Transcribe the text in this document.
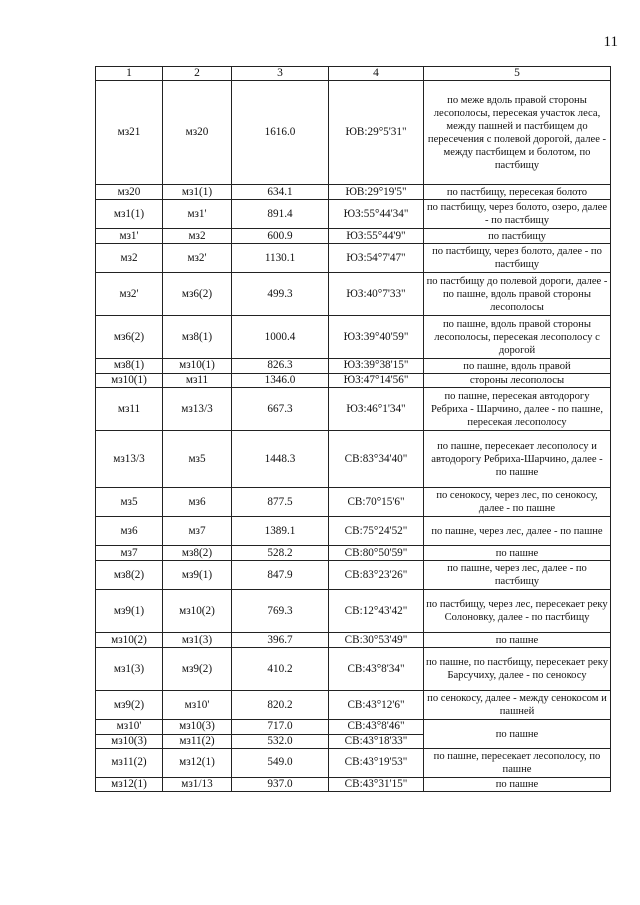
11
1	2	3	4	5
мз21	мз20	1616.0	ЮВ:29°5'31"	по меже вдоль правой стороны лесополосы, пересекая участок леса, между пашней и пастбищем до пересечения с полевой дорогой, далее - между пастбищем и болотом, по пастбищу
мз20	мз1(1)	634.1	ЮВ:29°19'5"	по пастбищу, пересекая болото
мз1(1)	мз1'	891.4	ЮЗ:55°44'34"	по пастбищу, через болото, озеро, далее - по пастбищу
мз1'	мз2	600.9	ЮЗ:55°44'9"	по пастбищу
мз2	мз2'	1130.1	ЮЗ:54°7'47"	по пастбищу, через болото, далее - по пастбищу
мз2'	мз6(2)	499.3	ЮЗ:40°7'33"	по пастбищу до полевой дороги, далее - по пашне, вдоль правой стороны лесополосы
мз6(2)	мз8(1)	1000.4	ЮЗ:39°40'59"	по пашне, вдоль правой стороны лесополосы, пересекая лесополосу с дорогой
мз8(1)	мз10(1)	826.3	ЮЗ:39°38'15"	по пашне, вдоль правой
мз10(1)	мз11	1346.0	ЮЗ:47°14'56"	стороны лесополосы
мз11	мз13/3	667.3	ЮЗ:46°1'34"	по пашне, пересекая автодорогу Ребриха - Шарчино, далее - по пашне, пересекая лесополосу
мз13/3	мз5	1448.3	СВ:83°34'40"	по пашне, пересекает лесополосу и автодорогу Ребриха-Шарчино, далее - по пашне
мз5	мз6	877.5	СВ:70°15'6"	по сенокосу, через лес, по сенокосу, далее - по пашне
мз6	мз7	1389.1	СВ:75°24'52"	по пашне, через лес, далее - по пашне
мз7	мз8(2)	528.2	СВ:80°50'59"	по пашне
мз8(2)	мз9(1)	847.9	СВ:83°23'26"	по пашне, через лес, далее - по пастбищу
мз9(1)	мз10(2)	769.3	СВ:12°43'42"	по пастбищу, через лес, пересекает реку Солоновку, далее - по пастбищу
мз10(2)	мз1(3)	396.7	СВ:30°53'49"	по пашне
мз1(3)	мз9(2)	410.2	СВ:43°8'34"	по пашне, по пастбищу, пересекает реку Барсучиху, далее - по сенокосу
мз9(2)	мз10'	820.2	СВ:43°12'6"	по сенокосу, далее - между сенокосом и пашней
мз10'	мз10(3)	717.0	СВ:43°8'46"	по пашне
мз10(3)	мз11(2)	532.0	СВ:43°18'33"	
мз11(2)	мз12(1)	549.0	СВ:43°19'53"	по пашне, пересекает лесополосу, по пашне
мз12(1)	мз1/13	937.0	СВ:43°31'15"	по пашне
